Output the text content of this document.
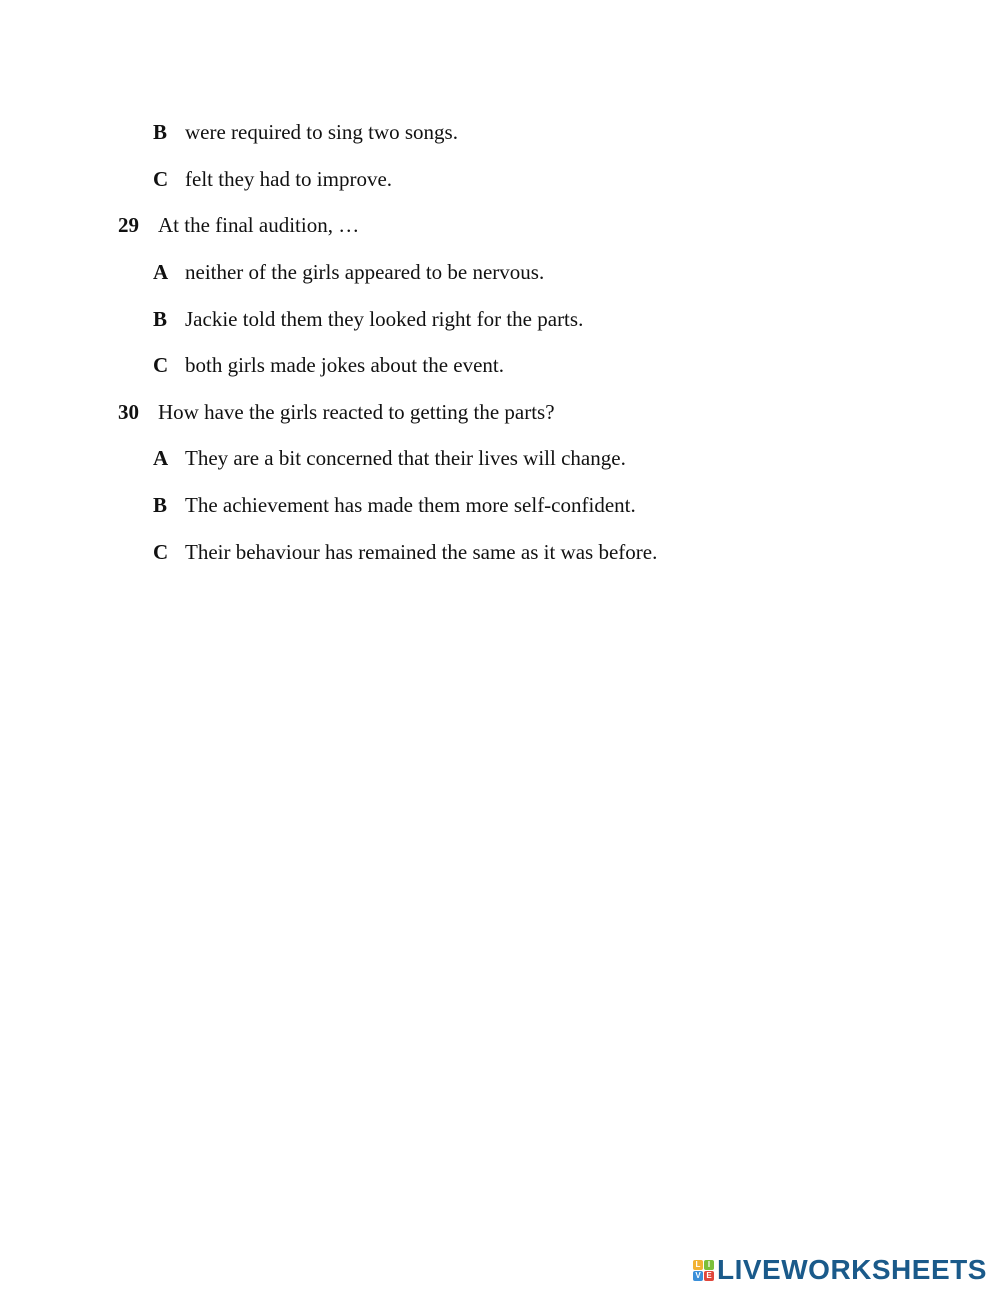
B were required to sing two songs.
C felt they had to improve.
29 At the final audition, …
A neither of the girls appeared to be nervous.
B Jackie told them they looked right for the parts.
C both girls made jokes about the event.
30 How have the girls reacted to getting the parts?
A They are a bit concerned that their lives will change.
B The achievement has made them more self-confident.
C Their behaviour has remained the same as it was before.
L I
V E LIVEWORKSHEETS
